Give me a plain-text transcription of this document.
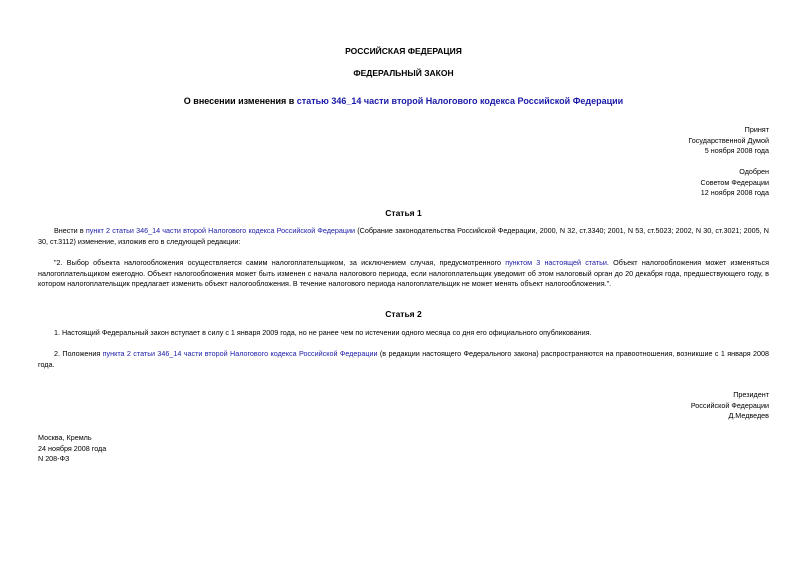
РОССИЙСКАЯ ФЕДЕРАЦИЯ
ФЕДЕРАЛЬНЫЙ ЗАКОН
О внесении изменения в статью 346_14 части второй Налогового кодекса Российской Федерации
Принят
Государственной Думой
5 ноября 2008 года
Одобрен
Советом Федерации
12 ноября 2008 года
Статья 1
Внести в пункт 2 статьи 346_14 части второй Налогового кодекса Российской Федерации (Собрание законодательства Российской Федерации, 2000, N 32, ст.3340; 2001, N 53, ст.5023; 2002, N 30, ст.3021; 2005, N 30, ст.3112) изменение, изложив его в следующей редакции:
"2. Выбор объекта налогообложения осуществляется самим налогоплательщиком, за исключением случая, предусмотренного пунктом 3 настоящей статьи. Объект налогообложения может изменяться налогоплательщиком ежегодно. Объект налогообложения может быть изменен с начала налогового периода, если налогоплательщик уведомит об этом налоговый орган до 20 декабря года, предшествующего году, в котором налогоплательщик предлагает изменить объект налогообложения. В течение налогового периода налогоплательщик не может менять объект налогообложения.".
Статья 2
1. Настоящий Федеральный закон вступает в силу с 1 января 2009 года, но не ранее чем по истечении одного месяца со дня его официального опубликования.
2. Положения пункта 2 статьи 346_14 части второй Налогового кодекса Российской Федерации (в редакции настоящего Федерального закона) распространяются на правоотношения, возникшие с 1 января 2008 года.
Президент
Российской Федерации
Д.Медведев
Москва, Кремль
24 ноября 2008 года
N 208-ФЗ
